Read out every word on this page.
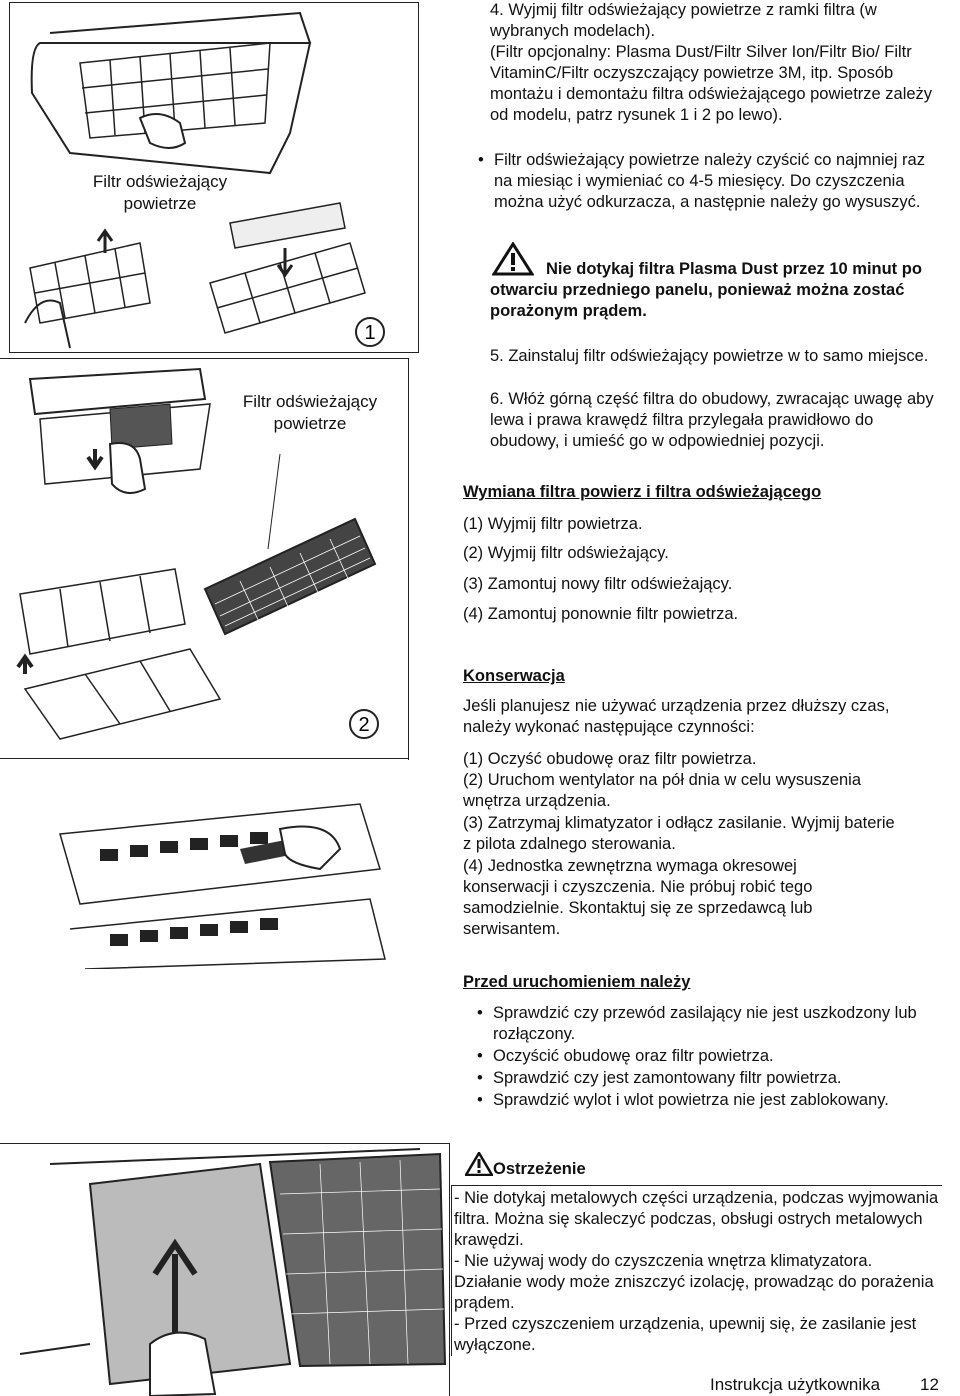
1
Filtr odświeżający powietrze
2
Filtr odświeżający powietrze
4. Wyjmij filtr odświeżający powietrze z ramki filtra (w wybranych modelach).
(Filtr opcjonalny: Plasma Dust/Filtr Silver Ion/Filtr Bio/ Filtr VitaminC/Filtr oczyszczający powietrze 3M, itp. Sposób montażu i demontażu filtra odświeżającego powietrze zależy od modelu, patrz rysunek 1 i 2 po lewo).
• Filtr odświeżający powietrze należy czyścić co najmniej raz na miesiąc i wymieniać co 4-5 miesięcy. Do czyszczenia można użyć odkurzacza, a następnie należy go wysuszyć.
Nie dotykaj filtra Plasma Dust przez 10 minut po otwarciu przedniego panelu, ponieważ można zostać porażonym prądem.
5. Zainstaluj filtr odświeżający powietrze w to samo miejsce.
6. Włóż górną część filtra do obudowy, zwracając uwagę aby lewa i prawa krawędź filtra przylegała prawidłowo do obudowy, i umieść go w odpowiedniej pozycji.
Wymiana filtra powierz i filtra odświeżającego
(1) Wyjmij filtr powietrza.
(2) Wyjmij filtr odświeżający.
(3) Zamontuj nowy filtr odświeżający.
(4) Zamontuj ponownie filtr powietrza.
Konserwacja
Jeśli planujesz nie używać urządzenia przez dłuższy czas, należy wykonać następujące czynności:
(1) Oczyść obudowę oraz filtr powietrza.
(2) Uruchom wentylator na pół dnia w celu wysuszenia wnętrza urządzenia.
(3) Zatrzymaj klimatyzator i odłącz zasilanie. Wyjmij baterie z pilota zdalnego sterowania.
(4) Jednostka zewnętrzna wymaga okresowej konserwacji i czyszczenia. Nie próbuj robić tego samodzielnie. Skontaktuj się ze sprzedawcą lub serwisantem.
Przed uruchomieniem należy
• Sprawdzić czy przewód zasilający nie jest uszkodzony lub rozłączony.
• Oczyścić obudowę oraz filtr powietrza.
• Sprawdzić czy jest zamontowany filtr powietrza.
• Sprawdzić wylot i wlot powietrza nie jest zablokowany.
Ostrzeżenie
- Nie dotykaj metalowych części urządzenia, podczas wyjmowania filtra. Można się skaleczyć podczas, obsługi ostrych metalowych krawędzi.
- Nie używaj wody do czyszczenia wnętrza klimatyzatora. Działanie wody może zniszczyć izolację, prowadząc do porażenia prądem.
- Przed czyszczeniem urządzenia, upewnij się, że zasilanie jest wyłączone.
Instrukcja użytkownika 12
